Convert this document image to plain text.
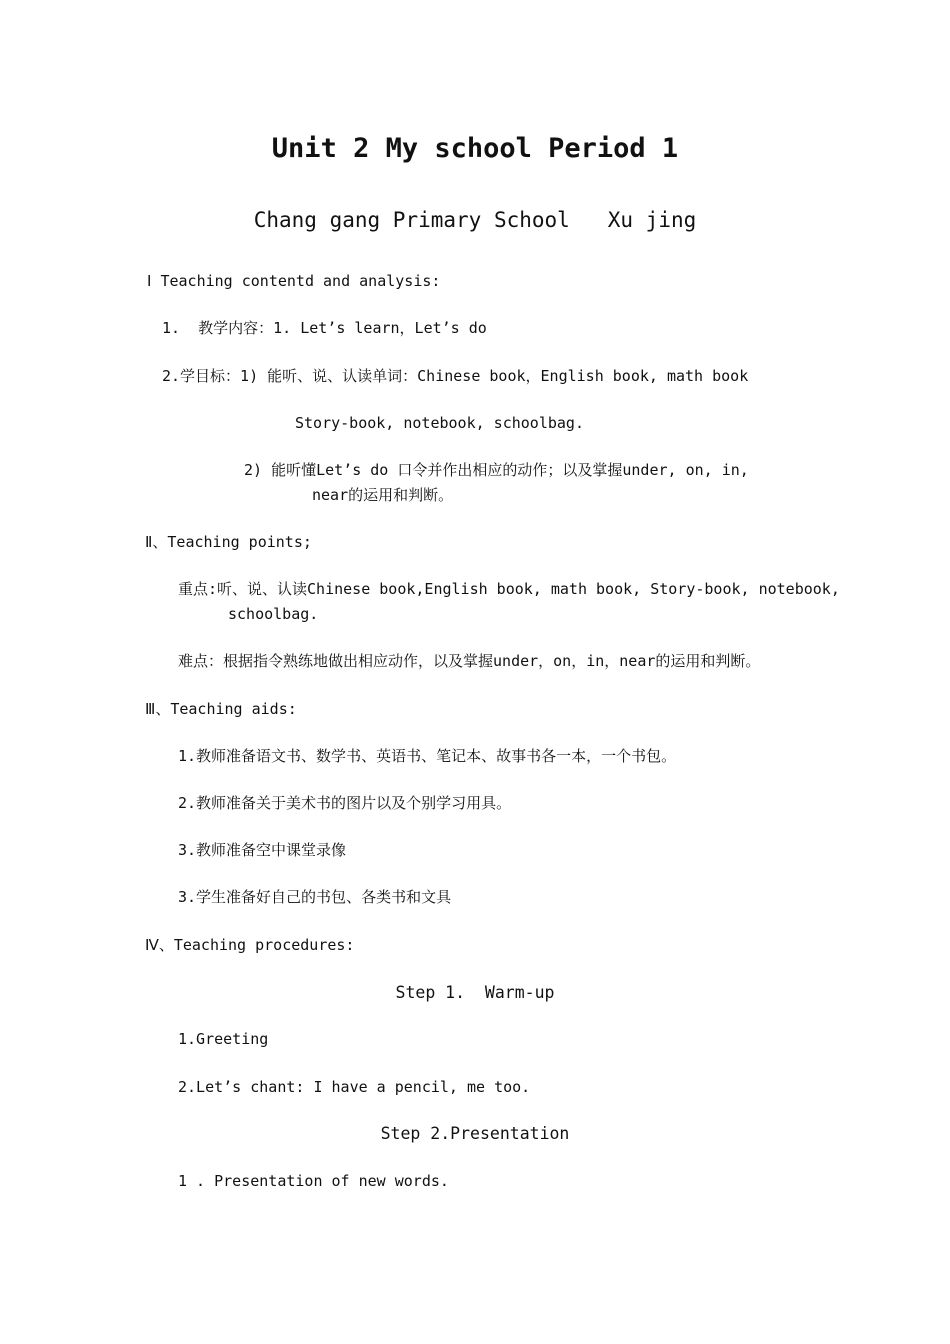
Unit 2 My school Period 1
Chang gang Primary School   Xu jing
Ⅰ Teaching contentd and analysis:
1.  教学内容：1. Let’s learn，Let’s do
2.学目标：1) 能听、说、认读单词：Chinese book，English book, math book
Story-book, notebook, schoolbag.
2) 能听懂Let’s do 口令并作出相应的动作；以及掌握under, on, in,
near的运用和判断。
Ⅱ、Teaching points;
重点:听、说、认读Chinese book,English book, math book, Story-book, notebook,
schoolbag.
难点：根据指令熟练地做出相应动作，以及掌握under，on，in，near的运用和判断。
Ⅲ、Teaching aids:
1.教师准备语文书、数学书、英语书、笔记本、故事书各一本，一个书包。
2.教师准备关于美术书的图片以及个别学习用具。
3.教师准备空中课堂录像
3.学生准备好自己的书包、各类书和文具
Ⅳ、Teaching procedures:
Step 1.  Warm-up
1.Greeting
2.Let’s chant: I have a pencil, me too.
Step 2.Presentation
1 . Presentation of new words.
